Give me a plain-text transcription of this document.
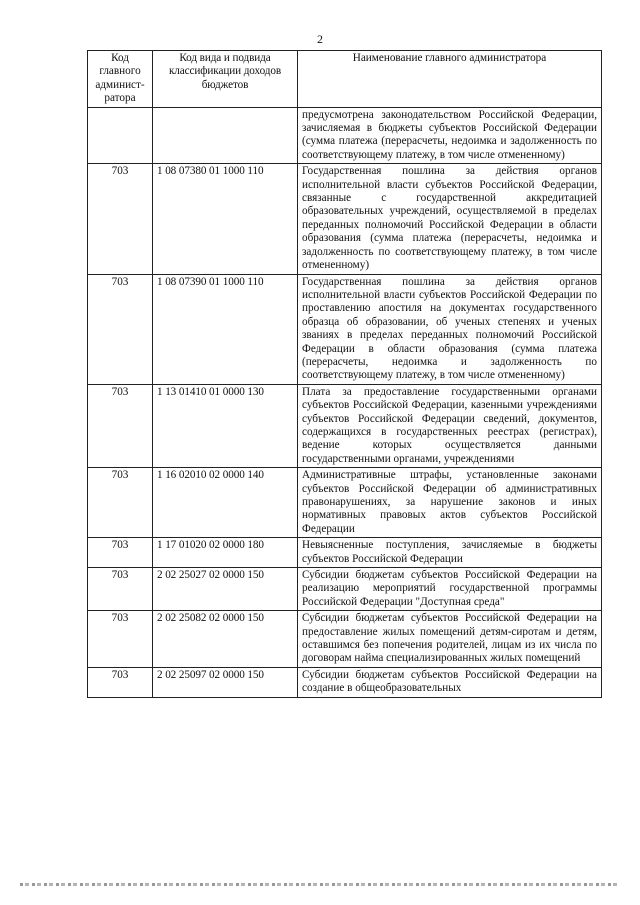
2
Код главного админист-ратора	Код вида и подвида классификации доходов бюджетов	Наименование главного администратора
		предусмотрена законодательством Российской Федерации, зачисляемая в бюджеты субъектов Российской Федерации (сумма платежа (перерасчеты, недоимка и задолженность по соответствующему платежу, в том числе отмененному)
703	1 08 07380 01 1000 110	Государственная пошлина за действия органов исполнительной власти субъектов Российской Федерации, связанные с государственной аккредитацией образовательных учреждений, осуществляемой в пределах переданных полномочий Российской Федерации в области образования (сумма платежа (перерасчеты, недоимка и задолженность по соответствующему платежу, в том числе отмененному)
703	1 08 07390 01 1000 110	Государственная пошлина за действия органов исполнительной власти субъектов Российской Федерации по проставлению апостиля на документах государственного образца об образовании, об ученых степенях и ученых званиях в пределах переданных полномочий Российской Федерации в области образования (сумма платежа (перерасчеты, недоимка и задолженность по соответствующему платежу, в том числе отмененному)
703	1 13 01410 01 0000 130	Плата за предоставление государственными органами субъектов Российской Федерации, казенными учреждениями субъектов Российской Федерации сведений, документов, содержащихся в государственных реестрах (регистрах), ведение которых осуществляется данными государственными органами, учреждениями
703	1 16 02010 02 0000 140	Административные штрафы, установленные законами субъектов Российской Федерации об административных правонарушениях, за нарушение законов и иных нормативных правовых актов субъектов Российской Федерации
703	1 17 01020 02 0000 180	Невыясненные поступления, зачисляемые в бюджеты субъектов Российской Федерации
703	2 02 25027 02 0000 150	Субсидии бюджетам субъектов Российской Федерации на реализацию мероприятий государственной программы Российской Федерации "Доступная среда"
703	2 02 25082 02 0000 150	Субсидии бюджетам субъектов Российской Федерации на предоставление жилых помещений детям-сиротам и детям, оставшимся без попечения родителей, лицам из их числа по договорам найма специализированных жилых помещений
703	2 02 25097 02 0000 150	Субсидии бюджетам субъектов Российской Федерации на создание в общеобразовательных
